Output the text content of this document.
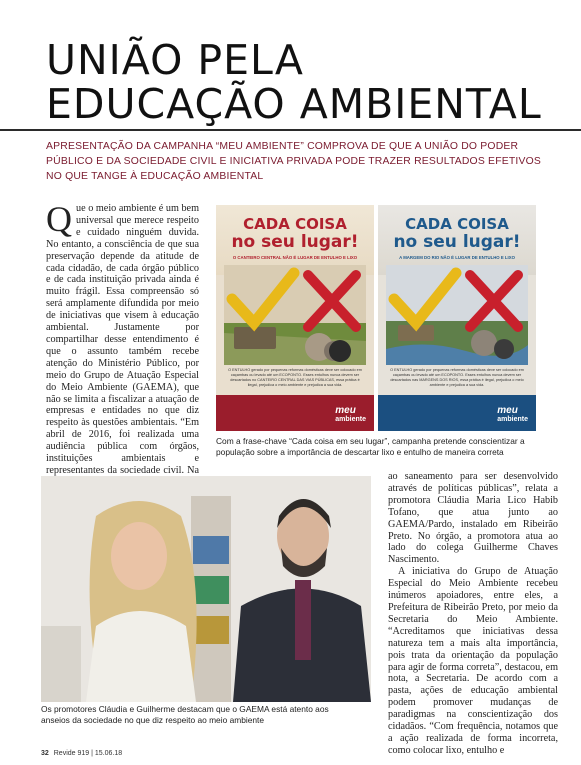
UNIÃO PELA
EDUCAÇÃO AMBIENTAL
APRESENTAÇÃO DA CAMPANHA “MEU AMBIENTE” COMPROVA DE QUE A UNIÃO DO PODER PÚBLICO E DA SOCIEDADE CIVIL E INICIATIVA PRIVADA PODE TRAZER RESULTADOS EFETIVOS NO QUE TANGE À EDUCAÇÃO AMBIENTAL
Que o meio ambiente é um bem universal que merece respeito e cuidado ninguém duvida. No entanto, a consciência de que sua preservação depende da atitude de cada cidadão, de cada órgão público e de cada instituição privada ainda é muito frágil. Essa compreensão só será amplamente difundida por meio de iniciativas que visem à educação ambiental. Justamente por compartilhar desse entendimento é que o assunto também recebe atenção do Ministério Público, por meio do Grupo de Atuação Especial do Meio Ambiente (GAEMA), que não se limita a fiscalizar a atuação de empresas e entidades no que diz respeito às questões ambientais. “Em abril de 2016, foi realizada uma audiência pública com órgãos, instituições ambientais e representantes da sociedade civil. Na
CADA COISA
no seu lugar!
O CANTEIRO CENTRAL NÃO É LUGAR DE ENTULHO E LIXO
O ENTULHO gerado por pequenas reformas domésticas deve ser colocado em caçambas ou levado até um ECOPONTO. Esses entulhos nunca devem ser descartados no CANTEIRO CENTRAL DAS VIAS PÚBLICAS, essa prática é ilegal, prejudica o meio ambiente e prejudica a sua vida.
meu
ambiente
CADA COISA
no seu lugar!
A MARGEM DO RIO NÃO É LUGAR DE ENTULHO E LIXO
O ENTULHO gerado por pequenas reformas domésticas deve ser colocado em caçambas ou levado até um ECOPONTO. Esses entulhos nunca devem ser descartados nas MARGENS DOS RIOS, essa prática é ilegal, prejudica o meio ambiente e prejudica a sua vida.
meu
ambiente
Com a frase-chave “Cada coisa em seu lugar”, campanha pretende conscientizar a população sobre a importância de descartar lixo e entulho de maneira correta
ao saneamento para ser desenvolvido através de políticas públicas”, relata a promotora Cláudia Maria Lico Habib Tofano, que atua junto ao GAEMA/Pardo, instalado em Ribeirão Preto. No órgão, a promotora atua ao lado do colega Guilherme Chaves Nascimento.
A iniciativa do Grupo de Atuação Especial do Meio Ambiente recebeu inúmeros apoiadores, entre eles, a Prefeitura de Ribeirão Preto, por meio da Secretaria do Meio Ambiente. “Acreditamos que iniciativas dessa natureza tem a mais alta importância, pois trata da orientação da população para agir de forma correta”, destacou, em nota, a Secretaria. De acordo com a pasta, ações de educação ambiental podem promover mudanças de paradigmas na conscientização dos cidadãos. “Com frequência, notamos que a ação realizada de forma incorreta, como colocar lixo, entulho e
Os promotores Cláudia e Guilherme destacam que o GAEMA está atento aos anseios da sociedade no que diz respeito ao meio ambiente
32 Revide 919 | 15.06.18
